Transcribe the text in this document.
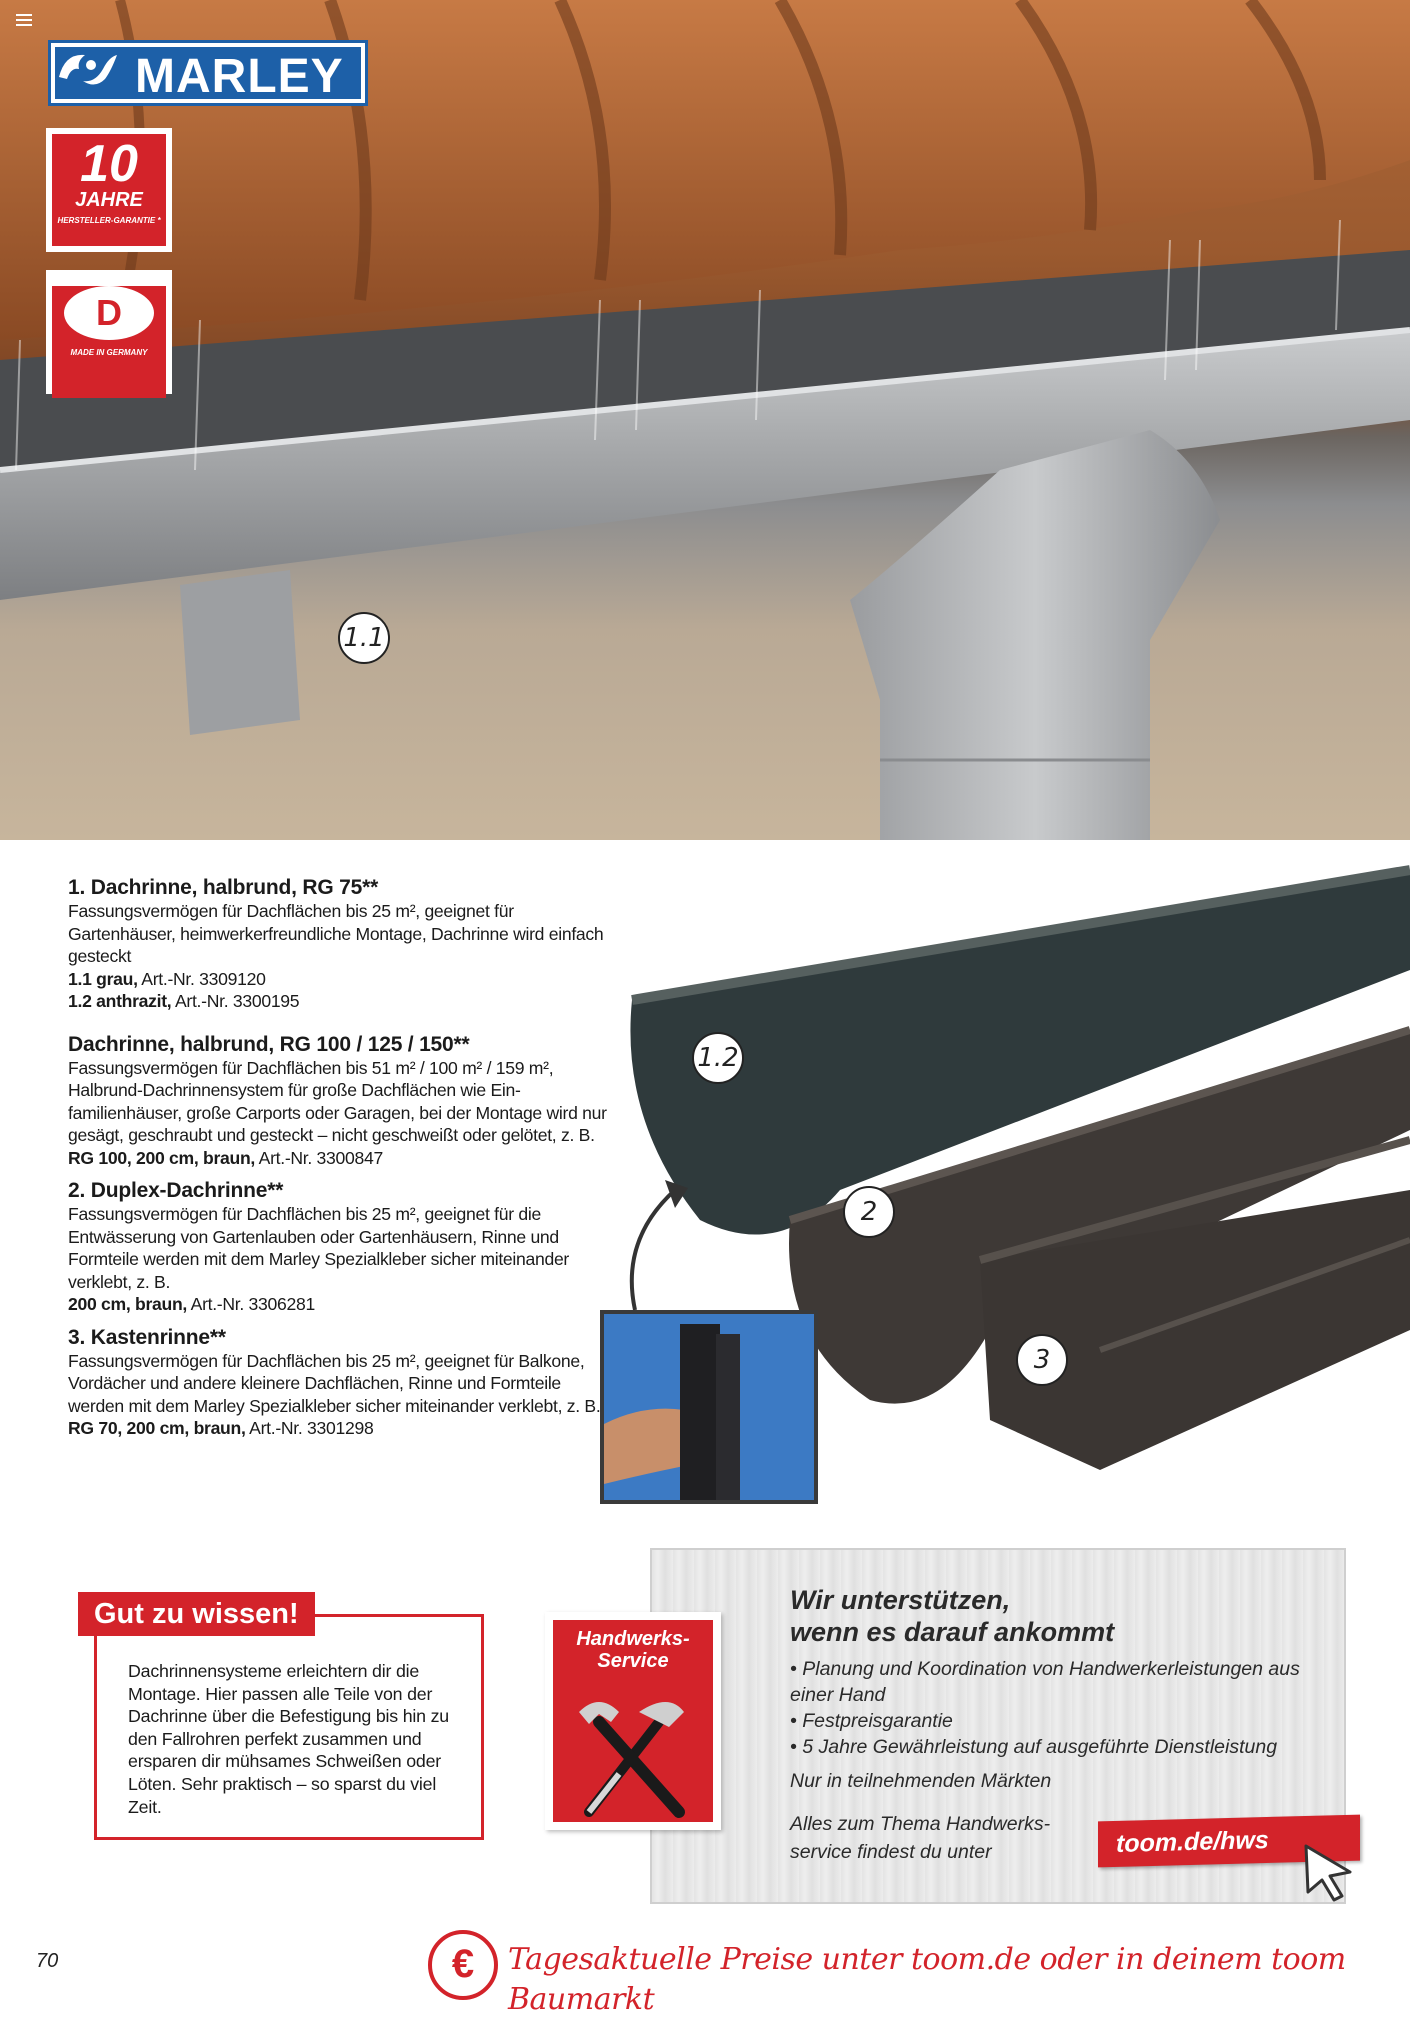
MARLEY
10
JAHRE
HERSTELLER-GARANTIE *
D
MADE IN GERMANY
1.1
1. Dachrinne, halbrund, RG 75**

Fassungsvermögen für Dachflächen bis 25 m², geeignet für Gartenhäuser, heimwerkerfreundliche Montage, Dachrinne wird einfach gesteckt

1.1 grau, Art.-Nr. 3309120
1.2 anthrazit, Art.-Nr. 3300195
Dachrinne, halbrund, RG 100 / 125 / 150**

Fassungsvermögen für Dachflächen bis 51 m² / 100 m² / 159 m², Halbrund-Dachrinnensystem für große Dachflächen wie Ein-familienhäuser, große Carports oder Garagen, bei der Montage wird nur gesägt, geschraubt und gesteckt – nicht geschweißt oder gelötet, z. B.

RG 100, 200 cm, braun, Art.-Nr. 3300847
2. Duplex-Dachrinne**

Fassungsvermögen für Dachflächen bis 25 m², geeignet für die Entwässerung von Gartenlauben oder Gartenhäusern, Rinne und Formteile werden mit dem Marley Spezialkleber sicher miteinander verklebt, z. B.

200 cm, braun, Art.-Nr. 3306281
3. Kastenrinne**

Fassungsvermögen für Dachflächen bis 25 m², geeignet für Balkone, Vordächer und andere kleinere Dachflächen, Rinne und Formteile werden mit dem Marley Spezialkleber sicher miteinander verklebt, z. B.

RG 70, 200 cm, braun, Art.-Nr. 3301298
1.2
2
3
Gut zu wissen!
Dachrinnensysteme erleichtern dir die Montage. Hier passen alle Teile von der Dachrinne über die Befestigung bis hin zu den Fallrohren perfekt zusammen und ersparen dir mühsames Schweißen oder Löten. Sehr praktisch – so sparst du viel Zeit.
Handwerks-Service
Wir unterstützen,
wenn es darauf ankommt
• Planung und Koordination von Handwerkerleistungen aus einer Hand
• Festpreisgarantie
• 5 Jahre Gewährleistung auf ausgeführte Dienstleistung
Nur in teilnehmenden Märkten
Alles zum Thema Handwerks-service findest du unter	toom.de/hws
70	€	Tagesaktuelle Preise unter toom.de oder in deinem toom Baumarkt
